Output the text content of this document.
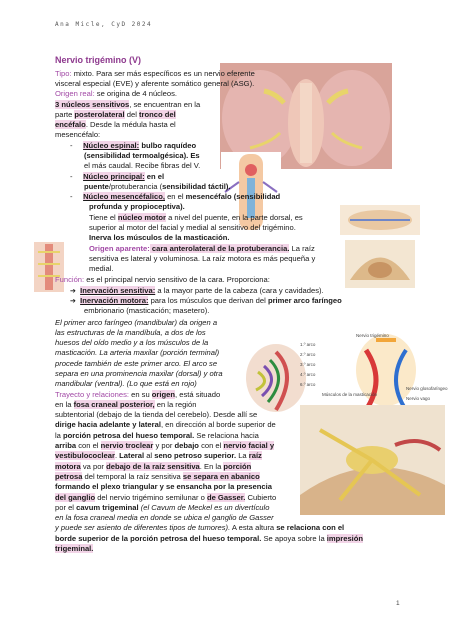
Ana Micle, CyD 2024
Nervio trigémino (V)
1.º arco
2.º arco
3.º arco
4.º arco
6.º arco
Nervio trigémino
Nervio glosofaríngeo
Nervio vago
Músculos de la masticación
Tipo: mixto. Para ser más específicos es un nervio eferente
visceral especial (EVE) y aferente somático general (ASG).
Origen real: se origina de 4 núcleos.
3 núcleos sensitivos, se encuentran en la
parte posterolateral del tronco del
encéfalo. Desde la médula hasta el
mesencéfalo:
-     Núcleo espinal: bulbo raquídeo
(sensibilidad termoalgésica). Es
el más caudal. Recibe fibras del V.
-     Núcleo principal: en el
puente/protuberancia (sensibilidad táctil).
-     Núcleo mesencéfalico, en el mesencéfalo (sensibilidad
profunda y propioceptiva).
Tiene el núcleo motor a nivel del puente, en la parte dorsal, es
superior al motor del facial y medial al sensitivo del trigémino.
Inerva los músculos de la masticación.
Origen aparente: cara anterolateral de la protuberancia. La raíz
sensitiva es lateral y voluminosa. La raíz motora es más pequeña y
medial.
Función: es el principal nervio sensitivo de la cara. Proporciona:
➔ Inervación sensitiva: a la mayor parte de la cabeza (cara y cavidades).
➔ Inervación motora: para los músculos que derivan del primer arco faríngeo
embrionario (masticación; masetero).
El primer arco faríngeo (mandibular) da origen a
las estructuras de la mandíbula, a dos de los
huesos del oído medio y a los músculos de la
masticación. La arteria maxilar (porción terminal)
procede también de este primer arco. El arco se
separa en una prominencia maxilar (dorsal) y otra
mandibular (ventral). (Lo que está en rojo)
Trayecto y relaciones: en su origen, está situado
en la fosa craneal posterior, en la región
subtentorial (debajo de la tienda del cerebelo). Desde allí se
dirige hacia adelante y lateral, en dirección al borde superior de
la porción petrosa del hueso temporal. Se relaciona hacia
arriba con el nervio troclear y por debajo con el nervio facial y
vestibulococlear. Lateral al seno petroso superior. La raíz
motora va por debajo de la raíz sensitiva. En la porción
petrosa del temporal la raíz sensitiva se separa en abanico
formando el plexo triangular y se ensancha por la presencia
del ganglio del nervio trigémino semilunar o de Gasser. Cubierto
por el cavum trigeminal (el Cavum de Meckel es un divertículo
en la fosa craneal media en donde se ubica el ganglio de Gasser
y puede ser asiento de diferentes tipos de tumores). A esta altura se relaciona con el
borde superior de la porción petrosa del hueso temporal. Se apoya sobre la impresión
trigeminal.
1
